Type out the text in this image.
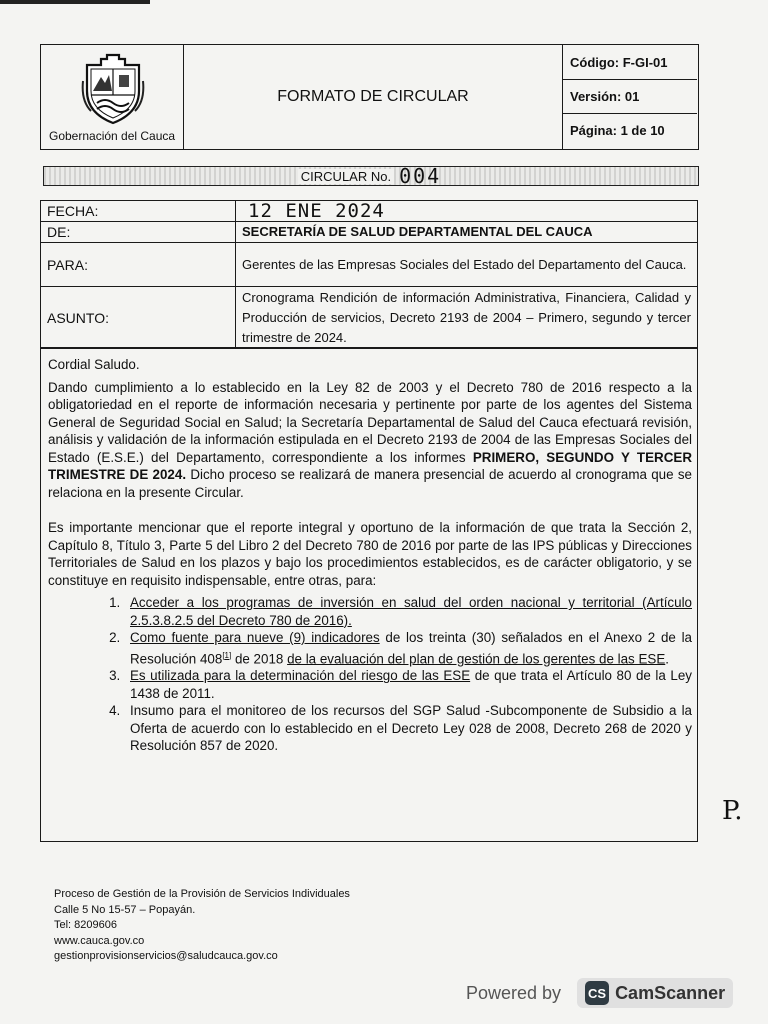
Gobernación del Cauca
FORMATO DE CIRCULAR
Código: F-GI-01
Versión: 01
Página: 1 de 10
CIRCULAR No. 004
FECHA:	12 ENE 2024
DE:	SECRETARÍA DE SALUD DEPARTAMENTAL DEL CAUCA
PARA:	Gerentes de las Empresas Sociales del Estado del Departamento del Cauca.
ASUNTO:	Cronograma Rendición de información Administrativa, Financiera, Calidad y Producción de servicios, Decreto 2193 de 2004 – Primero, segundo y tercer trimestre de 2024.

Cordial Saludo.

Dando cumplimiento a lo establecido en la Ley 82 de 2003 y el Decreto 780 de 2016 respecto a la obligatoriedad en el reporte de información necesaria y pertinente por parte de los agentes del Sistema General de Seguridad Social en Salud; la Secretaría Departamental de Salud del Cauca efectuará revisión, análisis y validación de la información estipulada en el Decreto 2193 de 2004 de las Empresas Sociales del Estado (E.S.E.) del Departamento, correspondiente a los informes PRIMERO, SEGUNDO Y TERCER TRIMESTRE DE 2024. Dicho proceso se realizará de manera presencial de acuerdo al cronograma que se relaciona en la presente Circular.

Es importante mencionar que el reporte integral y oportuno de la información de que trata la Sección 2, Capítulo 8, Título 3, Parte 5 del Libro 2 del Decreto 780 de 2016 por parte de las IPS públicas y Direcciones Territoriales de Salud en los plazos y bajo los procedimientos establecidos, es de carácter obligatorio, y se constituye en requisito indispensable, entre otras, para:

1. Acceder a los programas de inversión en salud del orden nacional y territorial (Artículo 2.5.3.8.2.5 del Decreto 780 de 2016).
2. Como fuente para nueve (9) indicadores de los treinta (30) señalados en el Anexo 2 de la Resolución 408[1] de 2018 de la evaluación del plan de gestión de los gerentes de las ESE.
3. Es utilizada para la determinación del riesgo de las ESE de que trata el Artículo 80 de la Ley 1438 de 2011.
4. Insumo para el monitoreo de los recursos del SGP Salud -Subcomponente de Subsidio a la Oferta de acuerdo con lo establecido en el Decreto Ley 028 de 2008, Decreto 268 de 2020 y Resolución 857 de 2020.
P.
Proceso de Gestión de la Provisión de Servicios Individuales
Calle 5 No 15-57 – Popayán.
Tel: 8209606
www.cauca.gov.co
gestionprovisionservicios@saludcauca.gov.co
Powered by CS CamScanner
